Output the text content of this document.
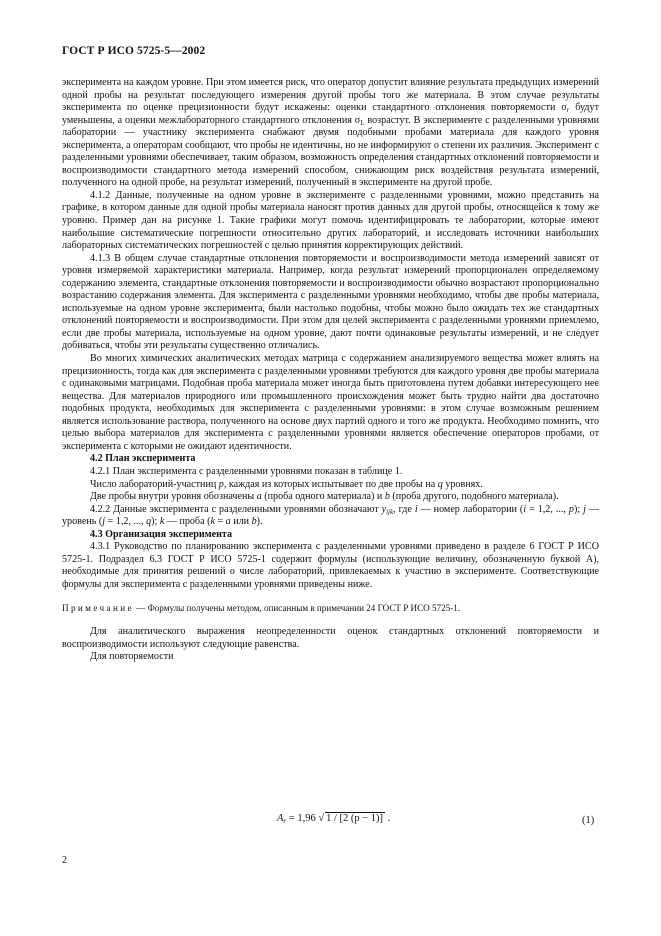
ГОСТ Р ИСО 5725-5—2002

эксперимента на каждом уровне. При этом имеется риск, что оператор допустит влияние результата предыдущих измерений одной пробы на результат последующего измерения другой пробы того же материала. В этом случае результаты эксперимента по оценке прецизионности будут искажены: оценки стандартного отклонения повторяемости $\sigma_r$ будут уменьшены, а оценки межлабораторного стандартного отклонения $\sigma_L$ возрастут. В эксперименте с разделенными уровнями лаборатории — участнику эксперимента снабжают двумя подобными пробами материала для каждого уровня эксперимента, а операторам сообщают, что пробы не идентичны, но не информируют о степени их различия. Эксперимент с разделенными уровнями обеспечивает, таким образом, возможность определения стандартных отклонений повторяемости и воспроизводимости стандартного метода измерений способом, снижающим риск воздействия результата измерений, полученного на одной пробе, на результат измерений, полученный в эксперименте на другой пробе.

4.1.2 Данные, полученные на одном уровне в эксперименте с разделенными уровнями, можно представить на графике, в котором данные для одной пробы материала наносят против данных для другой пробы, относящейся к тому же уровню. Пример дан на рисунке 1. Такие графики могут помочь идентифицировать те лаборатории, которые имеют наибольшие систематические погрешности относительно других лабораторий, и исследовать источники наибольших лабораторных систематических погрешностей с целью принятия корректирующих действий.

4.1.3 В общем случае стандартные отклонения повторяемости и воспроизводимости метода измерений зависят от уровня измеряемой характеристики материала. Например, когда результат измерений пропорционален определяемому содержанию элемента, стандартные отклонения повторяемости и воспроизводимости обычно возрастают пропорционально возрастанию содержания элемента. Для эксперимента с разделенными уровнями необходимо, чтобы две пробы материала, используемые на одном уровне эксперимента, были настолько подобны, чтобы можно было ожидать тех же стандартных отклонений повторяемости и воспроизводимости. При этом для целей эксперимента с разделенными уровнями приемлемо, если две пробы материала, используемые на одном уровне, дают почти одинаковые результаты измерений, и не следует добиваться, чтобы эти результаты существенно отличались.

Во многих химических аналитических методах матрица с содержанием анализируемого вещества может влиять на прецизионность, тогда как для эксперимента с разделенными уровнями требуются для каждого уровня две пробы материала с одинаковыми матрицами. Подобная проба материала может иногда быть приготовлена путем добавки интересующего нее вещества. Для материалов природного или промышленного происхождения может быть трудно найти два достаточно подобных продукта, необходимых для эксперимента с разделенными уровнями: в этом случае возможным решением является использование раствора, полученного на основе двух партий одного и того же продукта. Необходимо помнить, что целью выбора материалов для эксперимента с разделенными уровнями является обеспечение операторов пробами, от эксперимента с которыми не ожидают идентичности.

4.2 План эксперимента

4.2.1 План эксперимента с разделенными уровнями показан в таблице 1.

Число лабораторий-участниц p, каждая из которых испытывает по две пробы на q уровнях.

Две пробы внутри уровня обозначены a (проба одного материала) и b (проба другого, подобного материала).

4.2.2 Данные эксперимента с разделенными уровнями обозначают $y_{ijk}$, где i — номер лаборатории (i = 1,2, ..., p); j — уровень (j = 1,2, ..., q); k — проба (k = a или b).

4.3 Организация эксперимента

4.3.1 Руководство по планированию эксперимента с разделенными уровнями приведено в разделе 6 ГОСТ Р ИСО 5725-1. Подраздел 6.3 ГОСТ Р ИСО 5725-1 содержит формулы (использующие величину, обозначенную буквой A), необходимые для принятия решений о числе лабораторий, привлекаемых к участию в эксперименте. Соответствующие формулы для эксперимента с разделенными уровнями приведены ниже.

Примечание — Формулы получены методом, описанным в примечании 24 ГОСТ Р ИСО 5725-1.

Для аналитического выражения неопределенности оценок стандартных отклонений повторяемости и воспроизводимости используют следующие равенства.

Для повторяемости

$A_r = 1,96$ √ 1 / [2 (p − 1)] .	(1)
2
